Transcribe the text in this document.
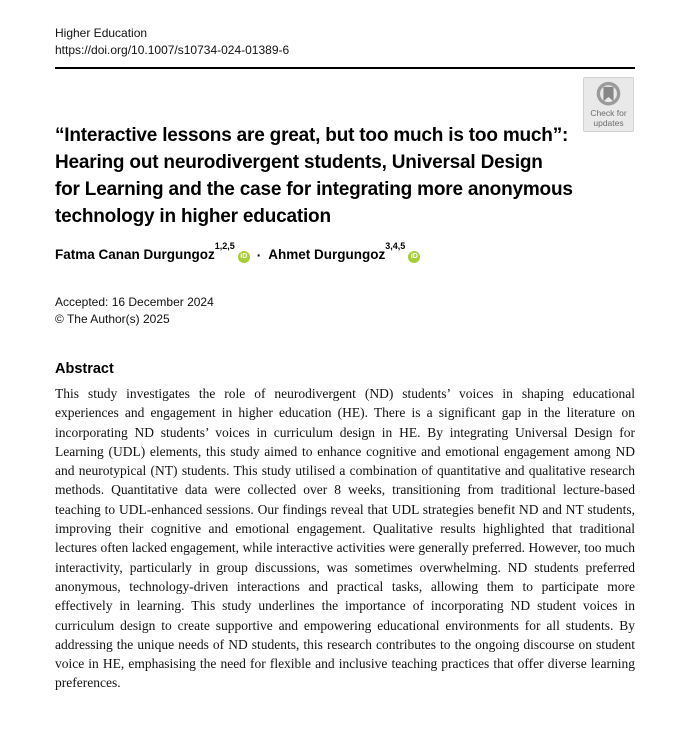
Higher Education
https://doi.org/10.1007/s10734-024-01389-6
Check for
updates
“Interactive lessons are great, but too much is too much”:
Hearing out neurodivergent students, Universal Design
for Learning and the case for integrating more anonymous
technology in higher education
Fatma Canan Durgungoz$^{1,2,5}$iD · Ahmet Durgungoz$^{3,4,5}$iD
Accepted: 16 December 2024
© The Author(s) 2025
Abstract

This study investigates the role of neurodivergent (ND) students’ voices in shaping educational experiences and engagement in higher education (HE). There is a significant gap in the literature on incorporating ND students’ voices in curriculum design in HE. By integrating Universal Design for Learning (UDL) elements, this study aimed to enhance cognitive and emotional engagement among ND and neurotypical (NT) students. This study utilised a combination of quantitative and qualitative research methods. Quantitative data were collected over 8 weeks, transitioning from traditional lecture-based teaching to UDL-enhanced sessions. Our findings reveal that UDL strategies benefit ND and NT students, improving their cognitive and emotional engagement. Qualitative results highlighted that traditional lectures often lacked engagement, while interactive activities were generally preferred. However, too much interactivity, particularly in group discussions, was sometimes overwhelming. ND students preferred anonymous, technology-driven interactions and practical tasks, allowing them to participate more effectively in learning. This study underlines the importance of incorporating ND student voices in curriculum design to create supportive and empowering educational environments for all students. By addressing the unique needs of ND students, this research contributes to the ongoing discourse on student voice in HE, emphasising the need for flexible and inclusive teaching practices that offer diverse learning preferences.
